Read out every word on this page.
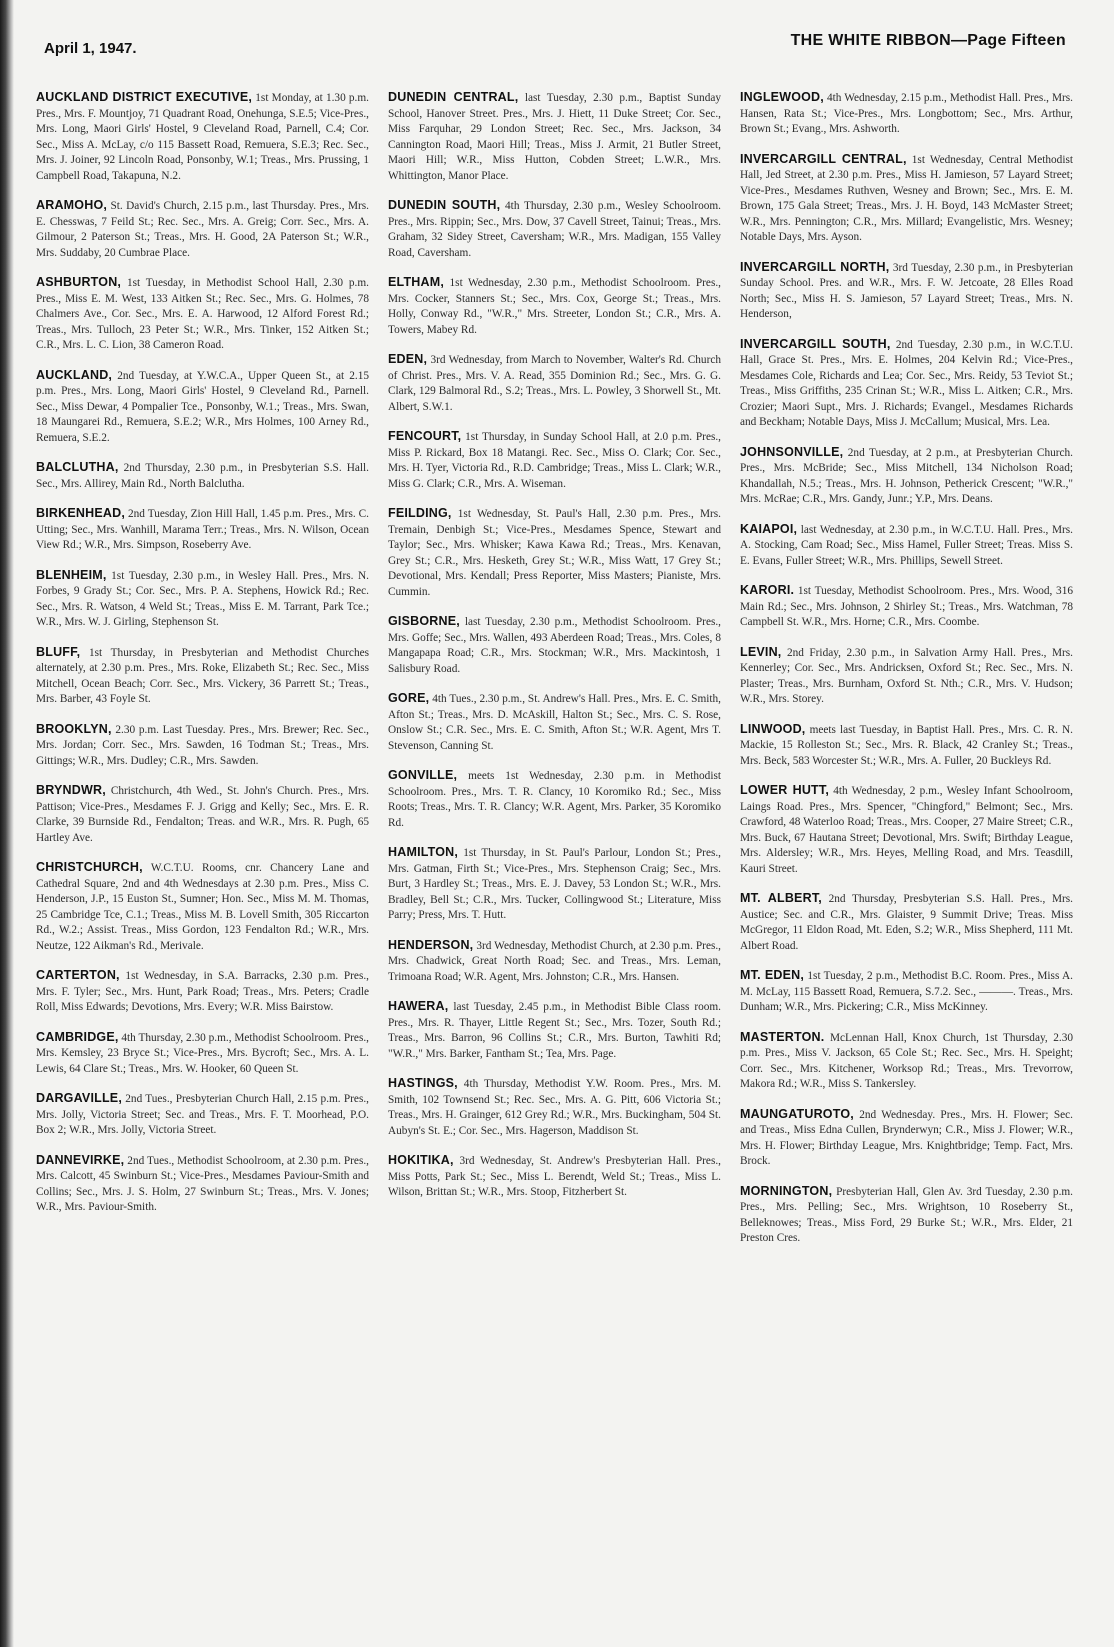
April 1, 1947.	THE WHITE RIBBON—Page Fifteen

AUCKLAND DISTRICT EXECUTIVE, 1st Monday, at 1.30 p.m. Pres., Mrs. F. Mountjoy, 71 Quadrant Road, Onehunga, S.E.5; Vice-Pres., Mrs. Long, Maori Girls' Hostel, 9 Cleveland Road, Parnell, C.4; Cor. Sec., Miss A. McLay, c/o 115 Bassett Road, Remuera, S.E.3; Rec. Sec., Mrs. J. Joiner, 92 Lincoln Road, Ponsonby, W.1; Treas., Mrs. Prussing, 1 Campbell Road, Takapuna, N.2.

ARAMOHO, St. David's Church, 2.15 p.m., last Thursday. Pres., Mrs. E. Chesswas, 7 Feild St.; Rec. Sec., Mrs. A. Greig; Corr. Sec., Mrs. A. Gilmour, 2 Paterson St.; Treas., Mrs. H. Good, 2A Paterson St.; W.R., Mrs. Suddaby, 20 Cumbrae Place.

ASHBURTON, 1st Tuesday, in Methodist School Hall, 2.30 p.m. Pres., Miss E. M. West, 133 Aitken St.; Rec. Sec., Mrs. G. Holmes, 78 Chalmers Ave., Cor. Sec., Mrs. E. A. Harwood, 12 Alford Forest Rd.; Treas., Mrs. Tulloch, 23 Peter St.; W.R., Mrs. Tinker, 152 Aitken St.; C.R., Mrs. L. C. Lion, 38 Cameron Road.

AUCKLAND, 2nd Tuesday, at Y.W.C.A., Upper Queen St., at 2.15 p.m. Pres., Mrs. Long, Maori Girls' Hostel, 9 Cleveland Rd., Parnell. Sec., Miss Dewar, 4 Pompalier Tce., Ponsonby, W.1.; Treas., Mrs. Swan, 18 Maungarei Rd., Remuera, S.E.2; W.R., Mrs Holmes, 100 Arney Rd., Remuera, S.E.2.

BALCLUTHA, 2nd Thursday, 2.30 p.m., in Presbyterian S.S. Hall. Sec., Mrs. Allirey, Main Rd., North Balclutha.

BIRKENHEAD, 2nd Tuesday, Zion Hill Hall, 1.45 p.m. Pres., Mrs. C. Utting; Sec., Mrs. Wanhill, Marama Terr.; Treas., Mrs. N. Wilson, Ocean View Rd.; W.R., Mrs. Simpson, Roseberry Ave.

BLENHEIM, 1st Tuesday, 2.30 p.m., in Wesley Hall. Pres., Mrs. N. Forbes, 9 Grady St.; Cor. Sec., Mrs. P. A. Stephens, Howick Rd.; Rec. Sec., Mrs. R. Watson, 4 Weld St.; Treas., Miss E. M. Tarrant, Park Tce.; W.R., Mrs. W. J. Girling, Stephenson St.

BLUFF, 1st Thursday, in Presbyterian and Methodist Churches alternately, at 2.30 p.m. Pres., Mrs. Roke, Elizabeth St.; Rec. Sec., Miss Mitchell, Ocean Beach; Corr. Sec., Mrs. Vickery, 36 Parrett St.; Treas., Mrs. Barber, 43 Foyle St.

BROOKLYN, 2.30 p.m. Last Tuesday. Pres., Mrs. Brewer; Rec. Sec., Mrs. Jordan; Corr. Sec., Mrs. Sawden, 16 Todman St.; Treas., Mrs. Gittings; W.R., Mrs. Dudley; C.R., Mrs. Sawden.

BRYNDWR, Christchurch, 4th Wed., St. John's Church. Pres., Mrs. Pattison; Vice-Pres., Mesdames F. J. Grigg and Kelly; Sec., Mrs. E. R. Clarke, 39 Burnside Rd., Fendalton; Treas. and W.R., Mrs. R. Pugh, 65 Hartley Ave.

CHRISTCHURCH, W.C.T.U. Rooms, cnr. Chancery Lane and Cathedral Square, 2nd and 4th Wednesdays at 2.30 p.m. Pres., Miss C. Henderson, J.P., 15 Euston St., Sumner; Hon. Sec., Miss M. M. Thomas, 25 Cambridge Tce, C.1.; Treas., Miss M. B. Lovell Smith, 305 Riccarton Rd., W.2.; Assist. Treas., Miss Gordon, 123 Fendalton Rd.; W.R., Mrs. Neutze, 122 Aikman's Rd., Merivale.

CARTERTON, 1st Wednesday, in S.A. Barracks, 2.30 p.m. Pres., Mrs. F. Tyler; Sec., Mrs. Hunt, Park Road; Treas., Mrs. Peters; Cradle Roll, Miss Edwards; Devotions, Mrs. Every; W.R. Miss Bairstow.

CAMBRIDGE, 4th Thursday, 2.30 p.m., Methodist Schoolroom. Pres., Mrs. Kemsley, 23 Bryce St.; Vice-Pres., Mrs. Bycroft; Sec., Mrs. A. L. Lewis, 64 Clare St.; Treas., Mrs. W. Hooker, 60 Queen St.

DARGAVILLE, 2nd Tues., Presbyterian Church Hall, 2.15 p.m. Pres., Mrs. Jolly, Victoria Street; Sec. and Treas., Mrs. F. T. Moorhead, P.O. Box 2; W.R., Mrs. Jolly, Victoria Street.

DANNEVIRKE, 2nd Tues., Methodist Schoolroom, at 2.30 p.m. Pres., Mrs. Calcott, 45 Swinburn St.; Vice-Pres., Mesdames Paviour-Smith and Collins; Sec., Mrs. J. S. Holm, 27 Swinburn St.; Treas., Mrs. V. Jones; W.R., Mrs. Paviour-Smith.

DUNEDIN CENTRAL, last Tuesday, 2.30 p.m., Baptist Sunday School, Hanover Street. Pres., Mrs. J. Hiett, 11 Duke Street; Cor. Sec., Miss Farquhar, 29 London Street; Rec. Sec., Mrs. Jackson, 34 Cannington Road, Maori Hill; Treas., Miss J. Armit, 21 Butler Street, Maori Hill; W.R., Miss Hutton, Cobden Street; L.W.R., Mrs. Whittington, Manor Place.

DUNEDIN SOUTH, 4th Thursday, 2.30 p.m., Wesley Schoolroom. Pres., Mrs. Rippin; Sec., Mrs. Dow, 37 Cavell Street, Tainui; Treas., Mrs. Graham, 32 Sidey Street, Caversham; W.R., Mrs. Madigan, 155 Valley Road, Caversham.

ELTHAM, 1st Wednesday, 2.30 p.m., Methodist Schoolroom. Pres., Mrs. Cocker, Stanners St.; Sec., Mrs. Cox, George St.; Treas., Mrs. Holly, Conway Rd., "W.R.," Mrs. Streeter, London St.; C.R., Mrs. A. Towers, Mabey Rd.

EDEN, 3rd Wednesday, from March to November, Walter's Rd. Church of Christ. Pres., Mrs. V. A. Read, 355 Dominion Rd.; Sec., Mrs. G. G. Clark, 129 Balmoral Rd., S.2; Treas., Mrs. L. Powley, 3 Shorwell St., Mt. Albert, S.W.1.

FENCOURT, 1st Thursday, in Sunday School Hall, at 2.0 p.m. Pres., Miss P. Rickard, Box 18 Matangi. Rec. Sec., Miss O. Clark; Cor. Sec., Mrs. H. Tyer, Victoria Rd., R.D. Cambridge; Treas., Miss L. Clark; W.R., Miss G. Clark; C.R., Mrs. A. Wiseman.

FEILDING, 1st Wednesday, St. Paul's Hall, 2.30 p.m. Pres., Mrs. Tremain, Denbigh St.; Vice-Pres., Mesdames Spence, Stewart and Taylor; Sec., Mrs. Whisker; Kawa Kawa Rd.; Treas., Mrs. Kenavan, Grey St.; C.R., Mrs. Hesketh, Grey St.; W.R., Miss Watt, 17 Grey St.; Devotional, Mrs. Kendall; Press Reporter, Miss Masters; Pianiste, Mrs. Cummin.

GISBORNE, last Tuesday, 2.30 p.m., Methodist Schoolroom. Pres., Mrs. Goffe; Sec., Mrs. Wallen, 493 Aberdeen Road; Treas., Mrs. Coles, 8 Mangapapa Road; C.R., Mrs. Stockman; W.R., Mrs. Mackintosh, 1 Salisbury Road.

GORE, 4th Tues., 2.30 p.m., St. Andrew's Hall. Pres., Mrs. E. C. Smith, Afton St.; Treas., Mrs. D. McAskill, Halton St.; Sec., Mrs. C. S. Rose, Onslow St.; C.R. Sec., Mrs. E. C. Smith, Afton St.; W.R. Agent, Mrs T. Stevenson, Canning St.

GONVILLE, meets 1st Wednesday, 2.30 p.m. in Methodist Schoolroom. Pres., Mrs. T. R. Clancy, 10 Koromiko Rd.; Sec., Miss Roots; Treas., Mrs. T. R. Clancy; W.R. Agent, Mrs. Parker, 35 Koromiko Rd.

HAMILTON, 1st Thursday, in St. Paul's Parlour, London St.; Pres., Mrs. Gatman, Firth St.; Vice-Pres., Mrs. Stephenson Craig; Sec., Mrs. Burt, 3 Hardley St.; Treas., Mrs. E. J. Davey, 53 London St.; W.R., Mrs. Bradley, Bell St.; C.R., Mrs. Tucker, Collingwood St.; Literature, Miss Parry; Press, Mrs. T. Hutt.

HENDERSON, 3rd Wednesday, Methodist Church, at 2.30 p.m. Pres., Mrs. Chadwick, Great North Road; Sec. and Treas., Mrs. Leman, Trimoana Road; W.R. Agent, Mrs. Johnston; C.R., Mrs. Hansen.

HAWERA, last Tuesday, 2.45 p.m., in Methodist Bible Class room. Pres., Mrs. R. Thayer, Little Regent St.; Sec., Mrs. Tozer, South Rd.; Treas., Mrs. Barron, 96 Collins St.; C.R., Mrs. Burton, Tawhiti Rd; "W.R.," Mrs. Barker, Fantham St.; Tea, Mrs. Page.

HASTINGS, 4th Thursday, Methodist Y.W. Room. Pres., Mrs. M. Smith, 102 Townsend St.; Rec. Sec., Mrs. A. G. Pitt, 606 Victoria St.; Treas., Mrs. H. Grainger, 612 Grey Rd.; W.R., Mrs. Buckingham, 504 St. Aubyn's St. E.; Cor. Sec., Mrs. Hagerson, Maddison St.

HOKITIKA, 3rd Wednesday, St. Andrew's Presbyterian Hall. Pres., Miss Potts, Park St.; Sec., Miss L. Berendt, Weld St.; Treas., Miss L. Wilson, Brittan St.; W.R., Mrs. Stoop, Fitzherbert St.

INGLEWOOD, 4th Wednesday, 2.15 p.m., Methodist Hall. Pres., Mrs. Hansen, Rata St.; Vice-Pres., Mrs. Longbottom; Sec., Mrs. Arthur, Brown St.; Evang., Mrs. Ashworth.

INVERCARGILL CENTRAL, 1st Wednesday, Central Methodist Hall, Jed Street, at 2.30 p.m. Pres., Miss H. Jamieson, 57 Layard Street; Vice-Pres., Mesdames Ruthven, Wesney and Brown; Sec., Mrs. E. M. Brown, 175 Gala Street; Treas., Mrs. J. H. Boyd, 143 McMaster Street; W.R., Mrs. Pennington; C.R., Mrs. Millard; Evangelistic, Mrs. Wesney; Notable Days, Mrs. Ayson.

INVERCARGILL NORTH, 3rd Tuesday, 2.30 p.m., in Presbyterian Sunday School. Pres. and W.R., Mrs. F. W. Jetcoate, 28 Elles Road North; Sec., Miss H. S. Jamieson, 57 Layard Street; Treas., Mrs. N. Henderson,

INVERCARGILL SOUTH, 2nd Tuesday, 2.30 p.m., in W.C.T.U. Hall, Grace St. Pres., Mrs. E. Holmes, 204 Kelvin Rd.; Vice-Pres., Mesdames Cole, Richards and Lea; Cor. Sec., Mrs. Reidy, 53 Teviot St.; Treas., Miss Griffiths, 235 Crinan St.; W.R., Miss L. Aitken; C.R., Mrs. Crozier; Maori Supt., Mrs. J. Richards; Evangel., Mesdames Richards and Beckham; Notable Days, Miss J. McCallum; Musical, Mrs. Lea.

JOHNSONVILLE, 2nd Tuesday, at 2 p.m., at Presbyterian Church. Pres., Mrs. McBride; Sec., Miss Mitchell, 134 Nicholson Road; Khandallah, N.5.; Treas., Mrs. H. Johnson, Petherick Crescent; "W.R.," Mrs. McRae; C.R., Mrs. Gandy, Junr.; Y.P., Mrs. Deans.

KAIAPOI, last Wednesday, at 2.30 p.m., in W.C.T.U. Hall. Pres., Mrs. A. Stocking, Cam Road; Sec., Miss Hamel, Fuller Street; Treas. Miss S. E. Evans, Fuller Street; W.R., Mrs. Phillips, Sewell Street.

KARORI. 1st Tuesday, Methodist Schoolroom. Pres., Mrs. Wood, 316 Main Rd.; Sec., Mrs. Johnson, 2 Shirley St.; Treas., Mrs. Watchman, 78 Campbell St. W.R., Mrs. Horne; C.R., Mrs. Coombe.

LEVIN, 2nd Friday, 2.30 p.m., in Salvation Army Hall. Pres., Mrs. Kennerley; Cor. Sec., Mrs. Andricksen, Oxford St.; Rec. Sec., Mrs. N. Plaster; Treas., Mrs. Burnham, Oxford St. Nth.; C.R., Mrs. V. Hudson; W.R., Mrs. Storey.

LINWOOD, meets last Tuesday, in Baptist Hall. Pres., Mrs. C. R. N. Mackie, 15 Rolleston St.; Sec., Mrs. R. Black, 42 Cranley St.; Treas., Mrs. Beck, 583 Worcester St.; W.R., Mrs. A. Fuller, 20 Buckleys Rd.

LOWER HUTT, 4th Wednesday, 2 p.m., Wesley Infant Schoolroom, Laings Road. Pres., Mrs. Spencer, "Chingford," Belmont; Sec., Mrs. Crawford, 48 Waterloo Road; Treas., Mrs. Cooper, 27 Maire Street; C.R., Mrs. Buck, 67 Hautana Street; Devotional, Mrs. Swift; Birthday League, Mrs. Aldersley; W.R., Mrs. Heyes, Melling Road, and Mrs. Teasdill, Kauri Street.

MT. ALBERT, 2nd Thursday, Presbyterian S.S. Hall. Pres., Mrs. Austice; Sec. and C.R., Mrs. Glaister, 9 Summit Drive; Treas. Miss McGregor, 11 Eldon Road, Mt. Eden, S.2; W.R., Miss Shepherd, 111 Mt. Albert Road.

MT. EDEN, 1st Tuesday, 2 p.m., Methodist B.C. Room. Pres., Miss A. M. McLay, 115 Bassett Road, Remuera, S.7.2. Sec., ———. Treas., Mrs. Dunham; W.R., Mrs. Pickering; C.R., Miss McKinney.

MASTERTON. McLennan Hall, Knox Church, 1st Thursday, 2.30 p.m. Pres., Miss V. Jackson, 65 Cole St.; Rec. Sec., Mrs. H. Speight; Corr. Sec., Mrs. Kitchener, Worksop Rd.; Treas., Mrs. Trevorrow, Makora Rd.; W.R., Miss S. Tankersley.

MAUNGATUROTO, 2nd Wednesday. Pres., Mrs. H. Flower; Sec. and Treas., Miss Edna Cullen, Brynderwyn; C.R., Miss J. Flower; W.R., Mrs. H. Flower; Birthday League, Mrs. Knightbridge; Temp. Fact, Mrs. Brock.

MORNINGTON, Presbyterian Hall, Glen Av. 3rd Tuesday, 2.30 p.m. Pres., Mrs. Pelling; Sec., Mrs. Wrightson, 10 Roseberry St., Belleknowes; Treas., Miss Ford, 29 Burke St.; W.R., Mrs. Elder, 21 Preston Cres.
